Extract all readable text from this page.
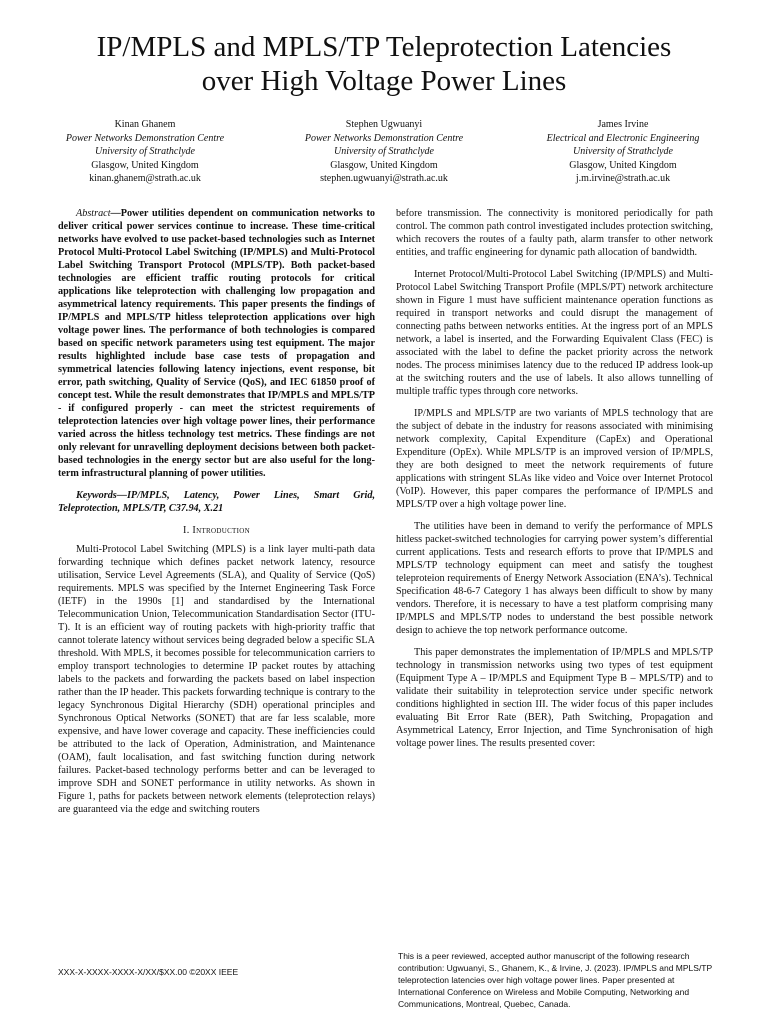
IP/MPLS and MPLS/TP Teleprotection Latencies
over High Voltage Power Lines
Kinan Ghanem
Power Networks Demonstration Centre
University of Strathclyde
Glasgow, United Kingdom
kinan.ghanem@strath.ac.uk
Stephen Ugwuanyi
Power Networks Demonstration Centre
University of Strathclyde
Glasgow, United Kingdom
stephen.ugwuanyi@strath.ac.uk
James Irvine
Electrical and Electronic Engineering
University of Strathclyde
Glasgow, United Kingdom
j.m.irvine@strath.ac.uk

Abstract—Power utilities dependent on communication networks to deliver critical power services continue to increase. These time-critical networks have evolved to use packet-based technologies such as Internet Protocol Multi-Protocol Label Switching (IP/MPLS) and Multi-Protocol Label Switching Transport Protocol (MPLS/TP). Both packet-based technologies are efficient traffic routing protocols for critical applications like teleprotection with challenging low propagation and asymmetrical latency requirements. This paper presents the findings of IP/MPLS and MPLS/TP hitless teleprotection applications over high voltage power lines. The performance of both technologies is compared based on specific network parameters using test equipment. The major results highlighted include base case tests of propagation and symmetrical latencies following latency injections, event response, bit error, path switching, Quality of Service (QoS), and IEC 61850 proof of concept test. While the result demonstrates that IP/MPLS and MPLS/TP - if configured properly - can meet the strictest requirements of teleprotection latencies over high voltage power lines, their performance varied across the hitless technology test metrics. These findings are not only relevant for unravelling deployment decisions between both packet-based technologies in the energy sector but are also useful for the long-term infrastructural planning of power utilities.

Keywords—IP/MPLS, Latency, Power Lines, Smart Grid, Teleprotection, MPLS/TP, C37.94, X.21

I. Introduction

Multi-Protocol Label Switching (MPLS) is a link layer multi-path data forwarding technique which defines packet network latency, resource utilisation, Service Level Agreements (SLA), and Quality of Service (QoS) requirements. MPLS was specified by the Internet Engineering Task Force (IETF) in the 1990s [1] and standardised by the International Telecommunication Union, Telecommunication Standardisation Sector (ITU-T). It is an efficient way of routing packets with high-priority traffic that cannot tolerate latency without services being degraded below a specific SLA threshold. With MPLS, it becomes possible for telecommunication carriers to employ transport technologies to determine IP packet routes by attaching labels to the packets and forwarding the packets based on label inspection rather than the IP header. This packets forwarding technique is contrary to the legacy Synchronous Digital Hierarchy (SDH) operational principles and Synchronous Optical Networks (SONET) that are far less scalable, more expensive, and have lower coverage and capacity. These inefficiencies could be attributed to the lack of Operation, Administration, and Maintenance (OAM), fault localisation, and fast switching function during network failures. Packet-based technology performs better and can be leveraged to improve SDH and SONET performance in utility networks. As shown in Figure 1, paths for packets between network elements (teleprotection relays) are guaranteed via the edge and switching routers

before transmission. The connectivity is monitored periodically for path control. The common path control investigated includes protection switching, which recovers the routes of a faulty path, alarm transfer to other network entities, and traffic engineering for dynamic path allocation of bandwidth.

Internet Protocol/Multi-Protocol Label Switching (IP/MPLS) and Multi-Protocol Label Switching Transport Profile (MPLS/PT) network architecture shown in Figure 1 must have sufficient maintenance operation functions as required in transport networks and could disrupt the management of connecting paths between networks entities. At the ingress port of an MPLS network, a label is inserted, and the Forwarding Equivalent Class (FEC) is associated with the label to define the packet priority across the network nodes. The process minimises latency due to the reduced IP address look-up at the switching routers and the use of labels. It also allows tunnelling of multiple traffic types through core networks.

IP/MPLS and MPLS/TP are two variants of MPLS technology that are the subject of debate in the industry for reasons associated with minimising network complexity, Capital Expenditure (CapEx) and Operational Expenditure (OpEx). While MPLS/TP is an improved version of IP/MPLS, they are both designed to meet the network requirements of future applications with stringent SLAs like video and Voice over Internet Protocol (VoIP). However, this paper compares the performance of IP/MPLS and MPLS/TP over a high voltage power line.

The utilities have been in demand to verify the performance of MPLS hitless packet-switched technologies for carrying power system’s differential current applications. Tests and research efforts to prove that IP/MPLS and MPLS/TP technology equipment can meet and satisfy the toughest teleproteion requirements of Energy Network Association (ENA’s). Technical Specification 48-6-7 Category 1 has always been difficult to show by many vendors. Therefore, it is necessary to have a test platform comprising many IP/MPLS and MPLS/TP nodes to understand the best possible network design to achieve the top network performance outcome.

This paper demonstrates the implementation of IP/MPLS and MPLS/TP technology in transmission networks using two types of test equipment (Equipment Type A – IP/MPLS and Equipment Type B – MPLS/TP) and to validate their suitability in teleprotection service under specific network conditions highlighted in section III. The wider focus of this paper includes evaluating Bit Error Rate (BER), Path Switching, Propagation and Asymmetrical Latency, Error Injection, and Time Synchronisation of high voltage power lines. The results presented cover:

XXX-X-XXXX-XXXX-X/XX/$XX.00 ©20XX IEEE
This is a peer reviewed, accepted author manuscript of the following research contribution: Ugwuanyi, S., Ghanem, K., & Irvine, J. (2023). IP/MPLS and MPLS/TP teleprotection latencies over high voltage power lines. Paper presented at International Conference on Wireless and Mobile Computing, Networking and Communications, Montreal, Quebec, Canada.
